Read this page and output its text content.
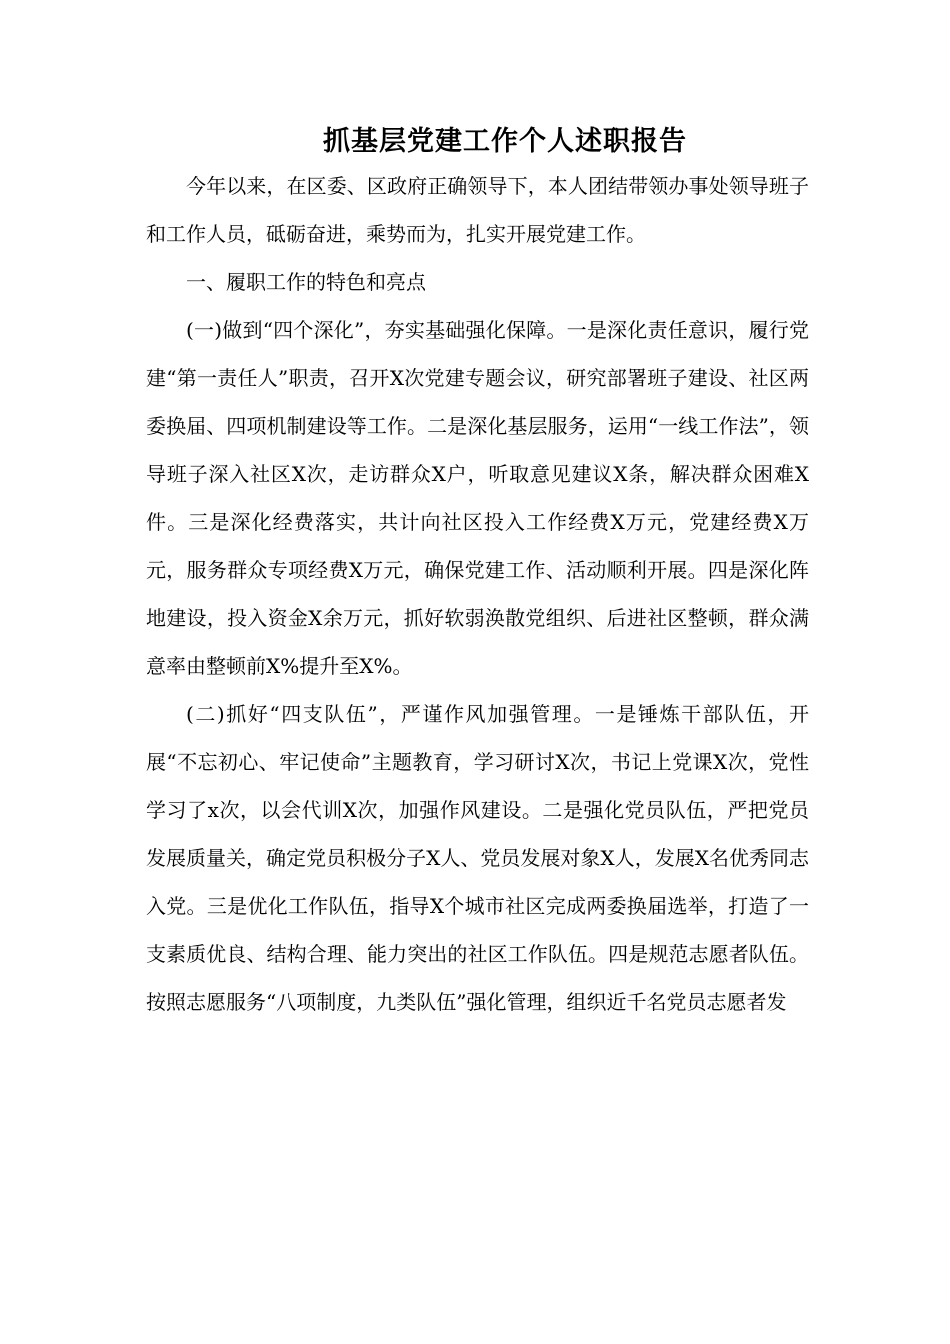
抓基层党建工作个人述职报告

今年以来，在区委、区政府正确领导下，本人团结带领办事处领导班子和工作人员，砥砺奋进，乘势而为，扎实开展党建工作。

一、履职工作的特色和亮点

(一)做到“四个深化”，夯实基础强化保障。一是深化责任意识，履行党建“第一责任人”职责，召开X次党建专题会议，研究部署班子建设、社区两委换届、四项机制建设等工作。二是深化基层服务，运用“一线工作法”，领导班子深入社区X次，走访群众X户，听取意见建议X条，解决群众困难X件。三是深化经费落实，共计向社区投入工作经费X万元，党建经费X万元，服务群众专项经费X万元，确保党建工作、活动顺利开展。四是深化阵地建设，投入资金X余万元，抓好软弱涣散党组织、后进社区整顿，群众满意率由整顿前X%提升至X%。

(二)抓好“四支队伍”，严谨作风加强管理。一是锤炼干部队伍，开展“不忘初心、牢记使命”主题教育，学习研讨X次，书记上党课X次，党性学习了x次，以会代训X次，加强作风建设。二是强化党员队伍，严把党员发展质量关，确定党员积极分子X人、党员发展对象X人，发展X名优秀同志入党。三是优化工作队伍，指导X个城市社区完成两委换届选举，打造了一支素质优良、结构合理、能力突出的社区工作队伍。四是规范志愿者队伍。按照志愿服务“八项制度，九类队伍”强化管理，组织近千名党员志愿者发
